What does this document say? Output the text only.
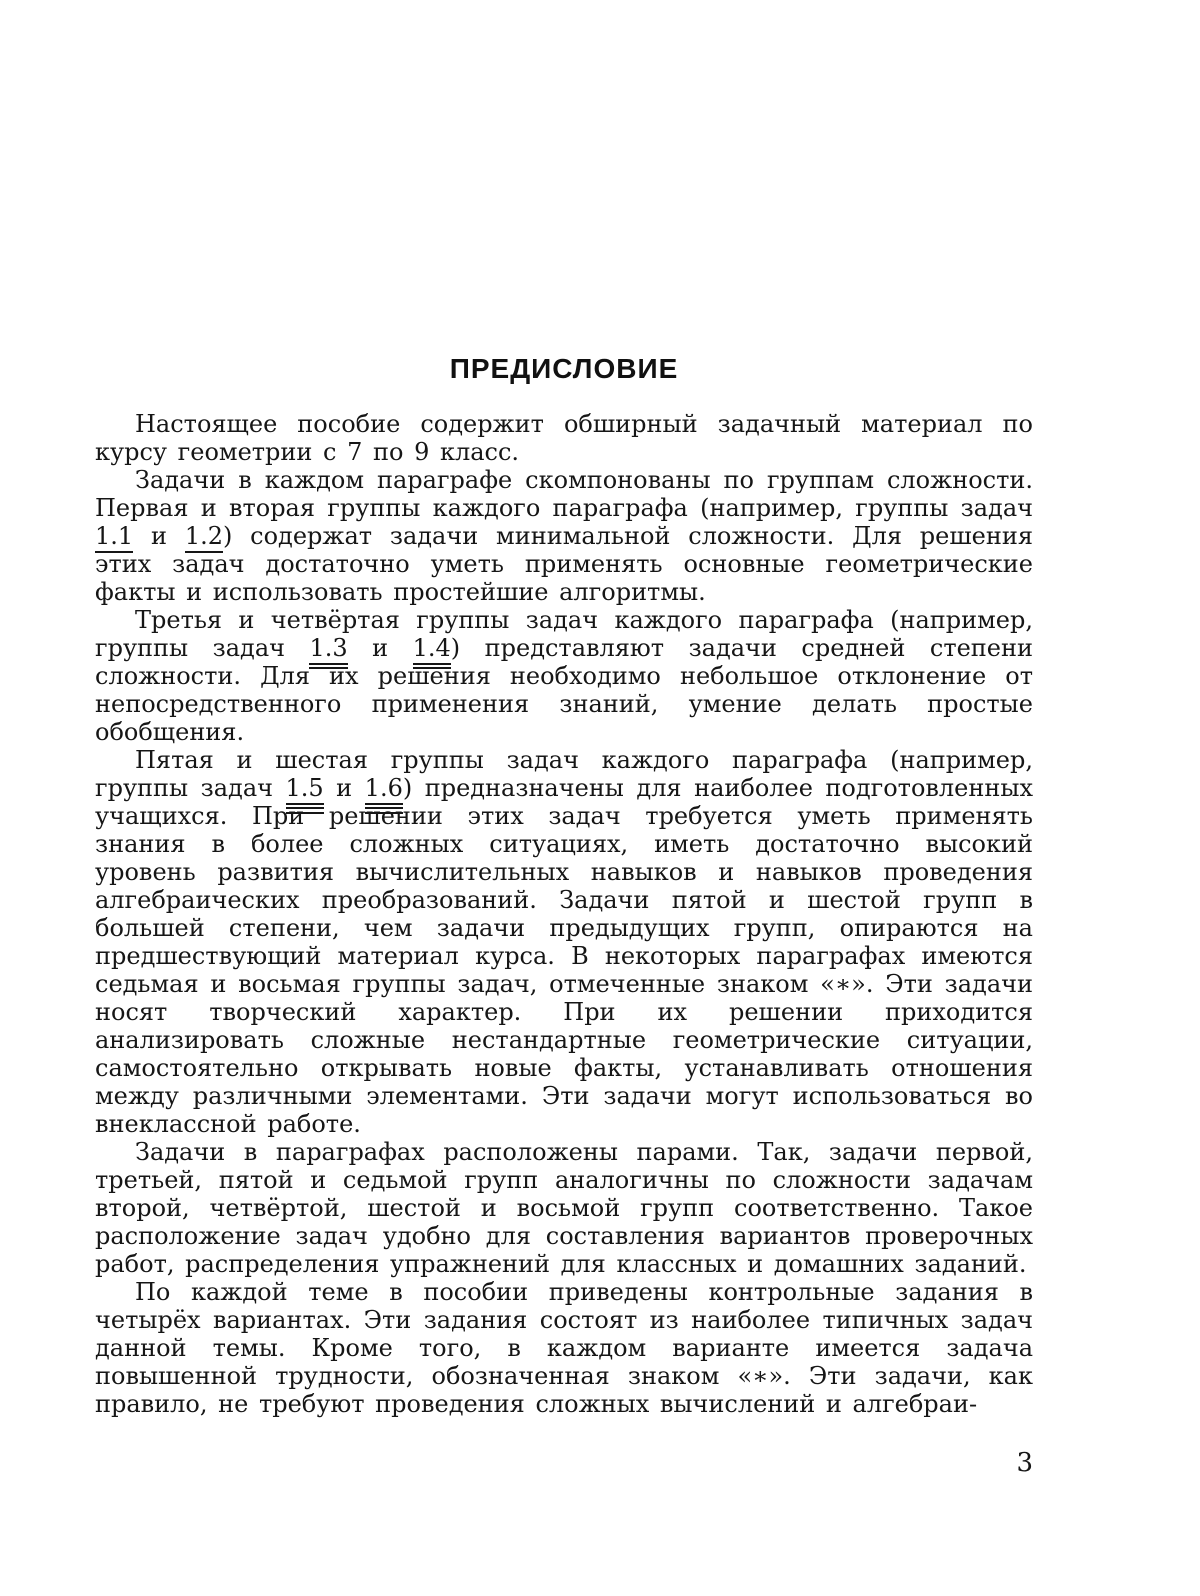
ПРЕДИСЛОВИЕ

Настоящее пособие содержит обширный задачный материал по курсу геометрии с 7 по 9 класс.

Задачи в каждом параграфе скомпонованы по группам сложности. Первая и вторая группы каждого параграфа (например, группы задач 1.1 и 1.2) содержат задачи минимальной сложности. Для решения этих задач достаточно уметь применять основные геометрические факты и использовать простейшие алгоритмы.

Третья и четвёртая группы задач каждого параграфа (например, группы задач 1.3 и 1.4) представляют задачи средней степени сложности. Для их решения необходимо небольшое отклонение от непосредственного применения знаний, умение делать простые обобщения.

Пятая и шестая группы задач каждого параграфа (например, группы задач 1.5 и 1.6) предназначены для наиболее подготовленных учащихся. При решении этих задач требуется уметь применять знания в более сложных ситуациях, иметь достаточно высокий уровень развития вычислительных навыков и навыков проведения алгебраических преобразований. Задачи пятой и шестой групп в большей степени, чем задачи предыдущих групп, опираются на предшествующий материал курса. В некоторых параграфах имеются седьмая и восьмая группы задач, отмеченные знаком «∗». Эти задачи носят творческий характер. При их решении приходится анализировать сложные нестандартные геометрические ситуации, самостоятельно открывать новые факты, устанавливать отношения между различными элементами. Эти задачи могут использоваться во внеклассной работе.

Задачи в параграфах расположены парами. Так, задачи первой, третьей, пятой и седьмой групп аналогичны по сложности задачам второй, четвёртой, шестой и восьмой групп соответственно. Такое расположение задач удобно для составления вариантов проверочных работ, распределения упражнений для классных и домашних заданий.

По каждой теме в пособии приведены контрольные задания в четырёх вариантах. Эти задания состоят из наиболее типичных задач данной темы. Кроме того, в каждом варианте имеется задача повышенной трудности, обозначенная знаком «∗». Эти задачи, как правило, не требуют проведения сложных вычислений и алгебраи-

3
